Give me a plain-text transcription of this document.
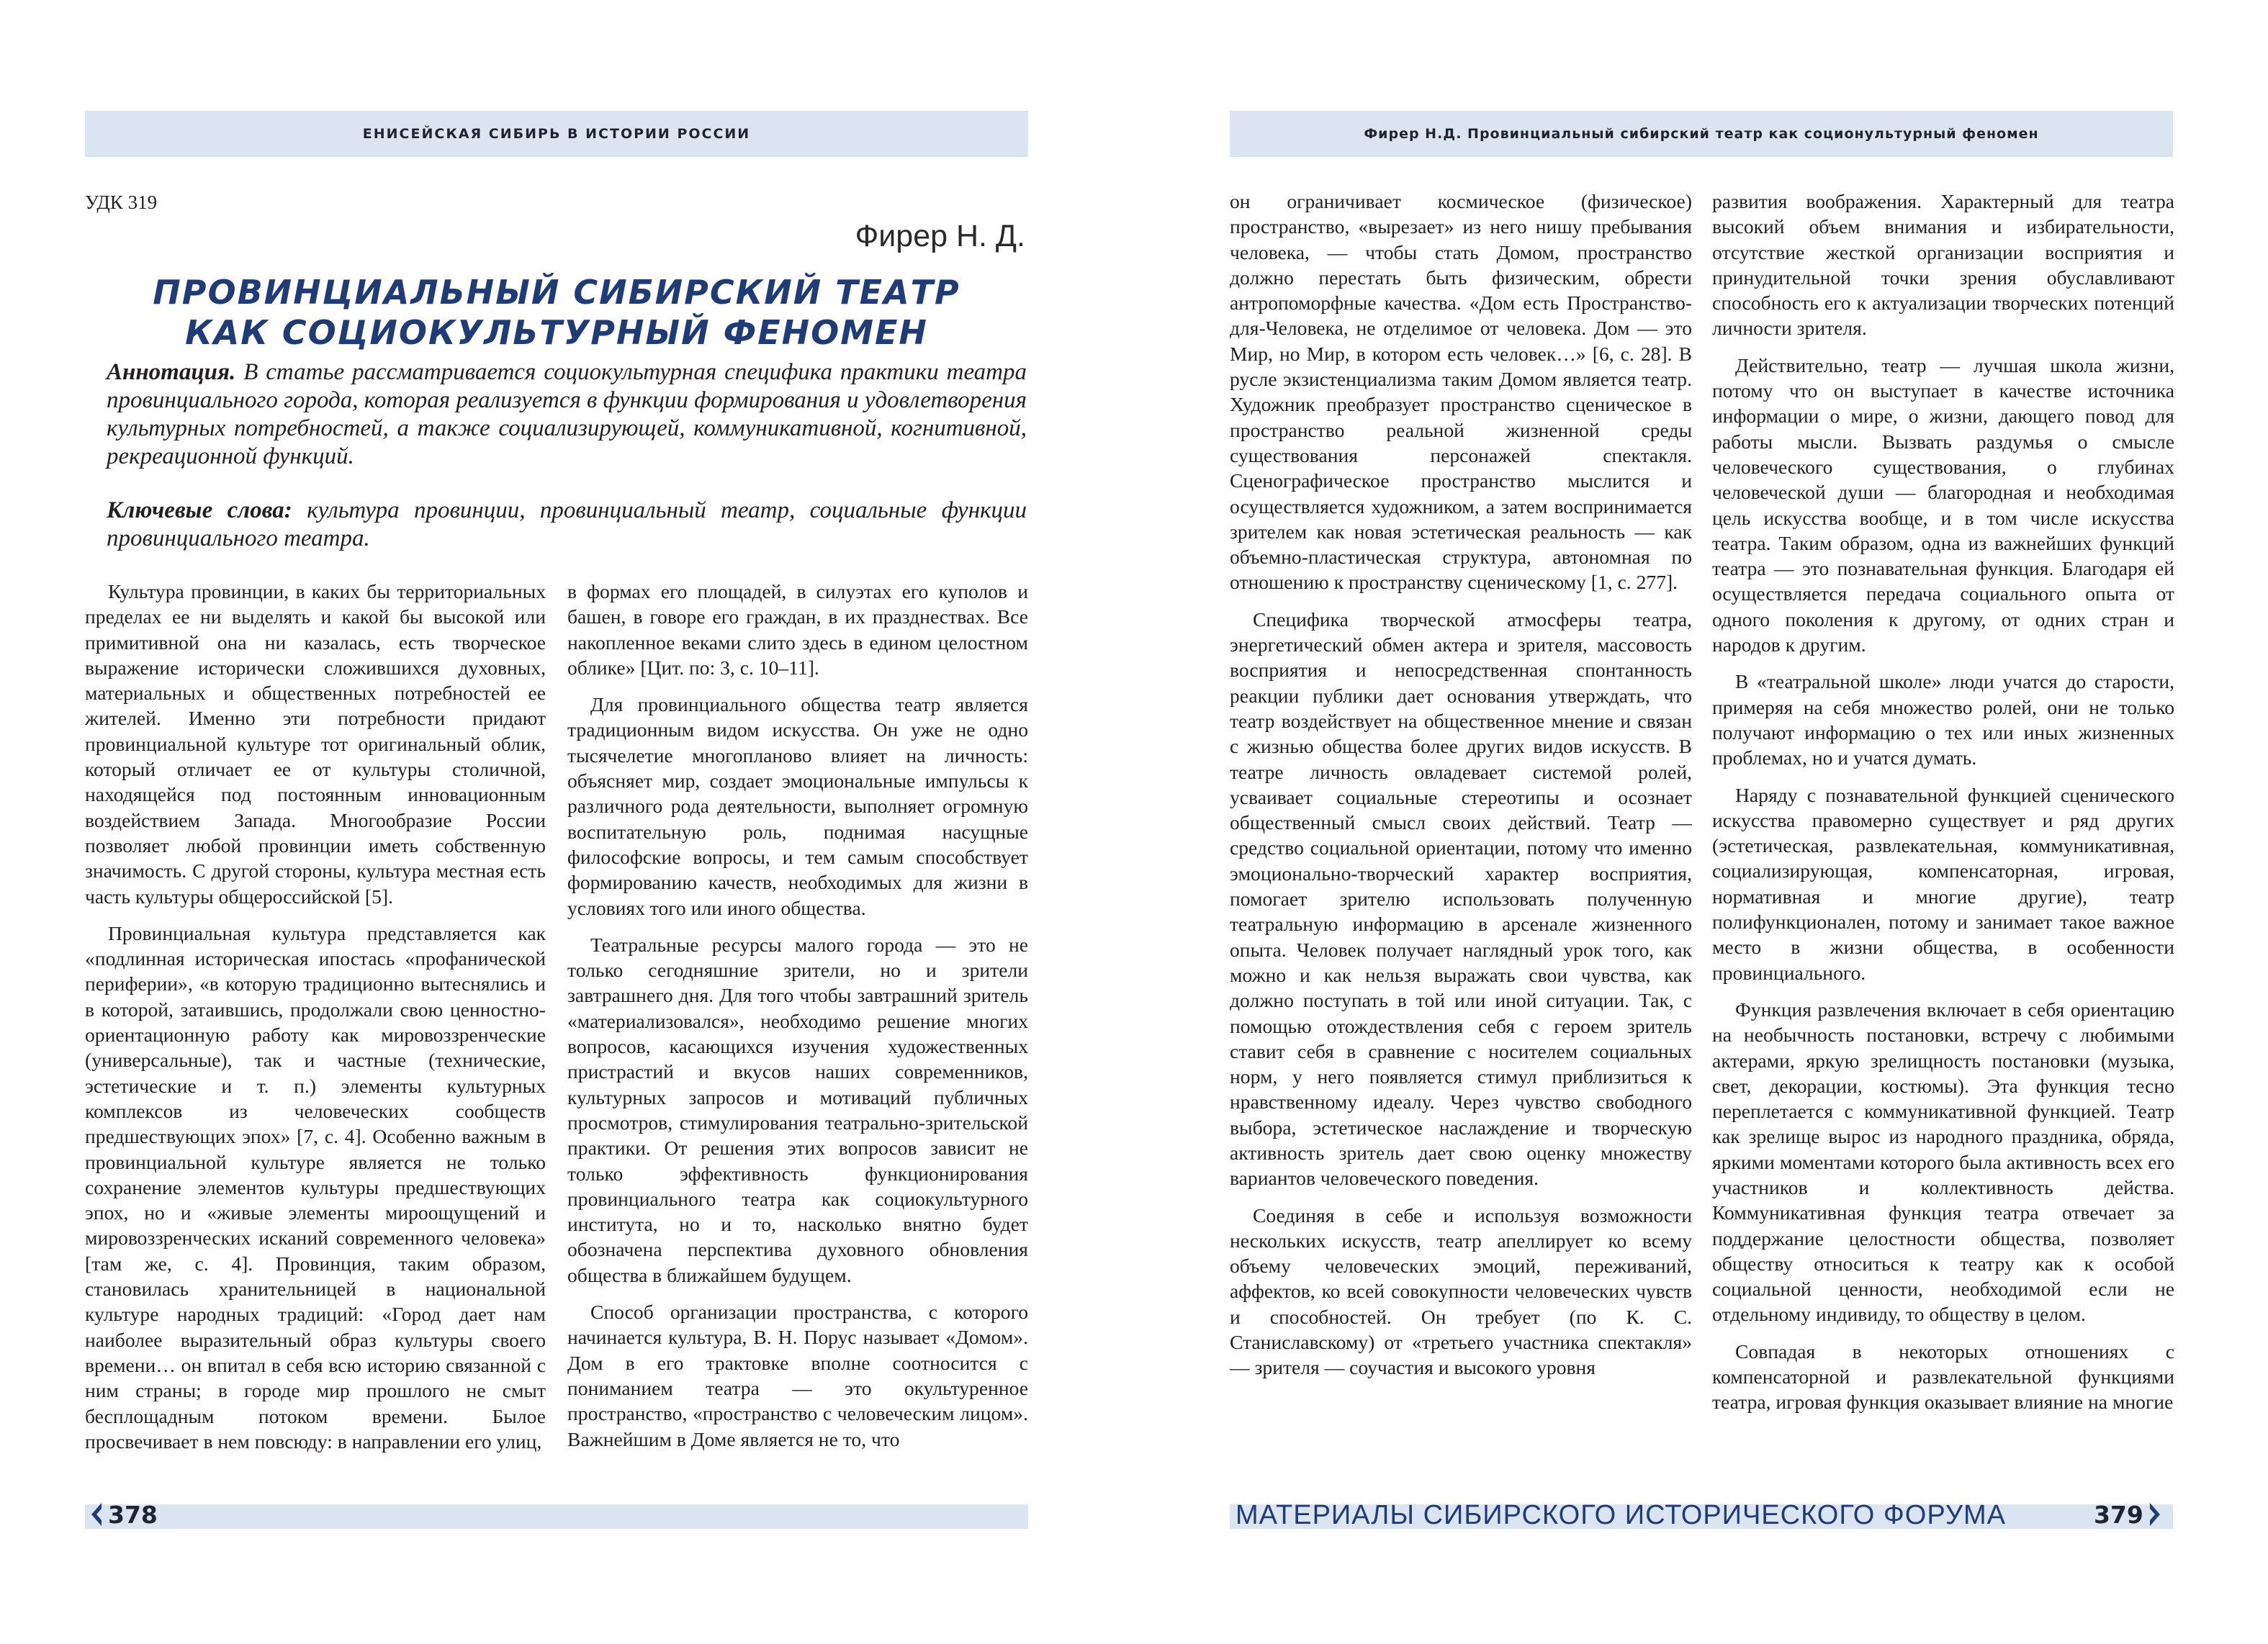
ЕНИСЕЙСКАЯ СИБИРЬ В ИСТОРИИ РОССИИ	Фирер Н.Д. Провинциальный сибирский театр как соционультурный феномен
УДК 319
Фирер Н. Д.
ПРОВИНЦИАЛЬНЫЙ СИБИРСКИЙ ТЕАТР
КАК СОЦИОКУЛЬТУРНЫЙ ФЕНОМЕН
Аннотация. В статье рассматривается социокультурная специфика практики театра провинциального города, которая реализуется в функции формирования и удовлетворения культурных потребностей, а также социализирующей, коммуникативной, когнитивной, рекреационной функций.
Ключевые слова: культура провинции, провинциальный театр, социальные функции провинциального театра.

Культура провинции, в каких бы территориальных пределах ее ни выделять и какой бы высокой или примитивной она ни казалась, есть творческое выражение исторически сложившихся духовных, материальных и общественных потребностей ее жителей. Именно эти потребности придают провинциальной культуре тот оригинальный облик, который отличает ее от культуры столичной, находящейся под постоянным инновационным воздействием Запада. Многообразие России позволяет любой провинции иметь собственную значимость. С другой стороны, культура местная есть часть культуры общероссийской [5].

Провинциальная культура представляется как «подлинная историческая ипостась «профанической периферии», «в которую традиционно вытеснялись и в которой, затаившись, продолжали свою ценностно-ориентационную работу как мировоззренческие (универсальные), так и частные (технические, эстетические и т. п.) элементы культурных комплексов из человеческих сообществ предшествующих эпох» [7, с. 4]. Особенно важным в провинциальной культуре является не только сохранение элементов культуры предшествующих эпох, но и «живые элементы мироощущений и мировоззренческих исканий современного человека» [там же, с. 4]. Провинция, таким образом, становилась хранительницей в национальной культуре народных традиций: «Город дает нам наиболее выразительный образ культуры своего времени… он впитал в себя всю историю связанной с ним страны; в городе мир прошлого не смыт бесплощадным потоком времени. Былое просвечивает в нем повсюду: в направлении его улиц,

в формах его площадей, в силуэтах его куполов и башен, в говоре его граждан, в их празднествах. Все накопленное веками слито здесь в едином целостном облике» [Цит. по: 3, с. 10–11].

Для провинциального общества театр является традиционным видом искусства. Он уже не одно тысячелетие многопланово влияет на личность: объясняет мир, создает эмоциональные импульсы к различного рода деятельности, выполняет огромную воспитательную роль, поднимая насущные философские вопросы, и тем самым способствует формированию качеств, необходимых для жизни в условиях того или иного общества.

Театральные ресурсы малого города — это не только сегодняшние зрители, но и зрители завтрашнего дня. Для того чтобы завтрашний зритель «материализовался», необходимо решение многих вопросов, касающихся изучения художественных пристрастий и вкусов наших современников, культурных запросов и мотиваций публичных просмотров, стимулирования театрально-зрительской практики. От решения этих вопросов зависит не только эффективность функционирования провинциального театра как социокультурного института, но и то, насколько внятно будет обозначена перспектива духовного обновления общества в ближайшем будущем.

Способ организации пространства, с которого начинается культура, В. Н. Порус называет «Домом». Дом в его трактовке вполне соотносится с пониманием театра — это окультуренное пространство, «пространство с человеческим лицом». Важнейшим в Доме является не то, что

он ограничивает космическое (физическое) пространство, «вырезает» из него нишу пребывания человека, — чтобы стать Домом, пространство должно перестать быть физическим, обрести антропоморфные качества. «Дом есть Пространство-для-Человека, не отделимое от человека. Дом — это Мир, но Мир, в котором есть человек…» [6, с. 28]. В русле экзистенциализма таким Домом является театр. Художник преобразует пространство сценическое в пространство реальной жизненной среды существования персонажей спектакля. Сценографическое пространство мыслится и осуществляется художником, а затем воспринимается зрителем как новая эстетическая реальность — как объемно-пластическая структура, автономная по отношению к пространству сценическому [1, с. 277].

Специфика творческой атмосферы театра, энергетический обмен актера и зрителя, массовость восприятия и непосредственная спонтанность реакции публики дает основания утверждать, что театр воздействует на общественное мнение и связан с жизнью общества более других видов искусств. В театре личность овладевает системой ролей, усваивает социальные стереотипы и осознает общественный смысл своих действий. Театр — средство социальной ориентации, потому что именно эмоционально-творческий характер восприятия, помогает зрителю использовать полученную театральную информацию в арсенале жизненного опыта. Человек получает наглядный урок того, как можно и как нельзя выражать свои чувства, как должно поступать в той или иной ситуации. Так, с помощью отождествления себя с героем зритель ставит себя в сравнение с носителем социальных норм, у него появляется стимул приблизиться к нравственному идеалу. Через чувство свободного выбора, эстетическое наслаждение и творческую активность зритель дает свою оценку множеству вариантов человеческого поведения.

Соединяя в себе и используя возможности нескольких искусств, театр апеллирует ко всему объему человеческих эмоций, переживаний, аффектов, ко всей совокупности человеческих чувств и способностей. Он требует (по К. С. Станиславскому) от «третьего участника спектакля» — зрителя — соучастия и высокого уровня

развития воображения. Характерный для театра высокий объем внимания и избирательности, отсутствие жесткой организации восприятия и принудительной точки зрения обуславливают способность его к актуализации творческих потенций личности зрителя.

Действительно, театр — лучшая школа жизни, потому что он выступает в качестве источника информации о мире, о жизни, дающего повод для работы мысли. Вызвать раздумья о смысле человеческого существования, о глубинах человеческой души — благородная и необходимая цель искусства вообще, и в том числе искусства театра. Таким образом, одна из важнейших функций театра — это познавательная функция. Благодаря ей осуществляется передача социального опыта от одного поколения к другому, от одних стран и народов к другим.

В «театральной школе» люди учатся до старости, примеряя на себя множество ролей, они не только получают информацию о тех или иных жизненных проблемах, но и учатся думать.

Наряду с познавательной функцией сценического искусства правомерно существует и ряд других (эстетическая, развлекательная, коммуникативная, социализирующая, компенсаторная, игровая, нормативная и многие другие), театр полифункционален, потому и занимает такое важное место в жизни общества, в особенности провинциального.

Функция развлечения включает в себя ориентацию на необычность постановки, встречу с любимыми актерами, яркую зрелищность постановки (музыка, свет, декорации, костюмы). Эта функция тесно переплетается с коммуникативной функцией. Театр как зрелище вырос из народного праздника, обряда, яркими моментами которого была активность всех его участников и коллективность действа. Коммуникативная функция театра отвечает за поддержание целостности общества, позволяет обществу относиться к театру как к особой социальной ценности, необходимой если не отдельному индивиду, то обществу в целом.

Совпадая в некоторых отношениях с компенсаторной и развлекательной функциями театра, игровая функция оказывает влияние на многие

378	МАТЕРИАЛЫ СИБИРСКОГО ИСТОРИЧЕСКОГО ФОРУМА	379
